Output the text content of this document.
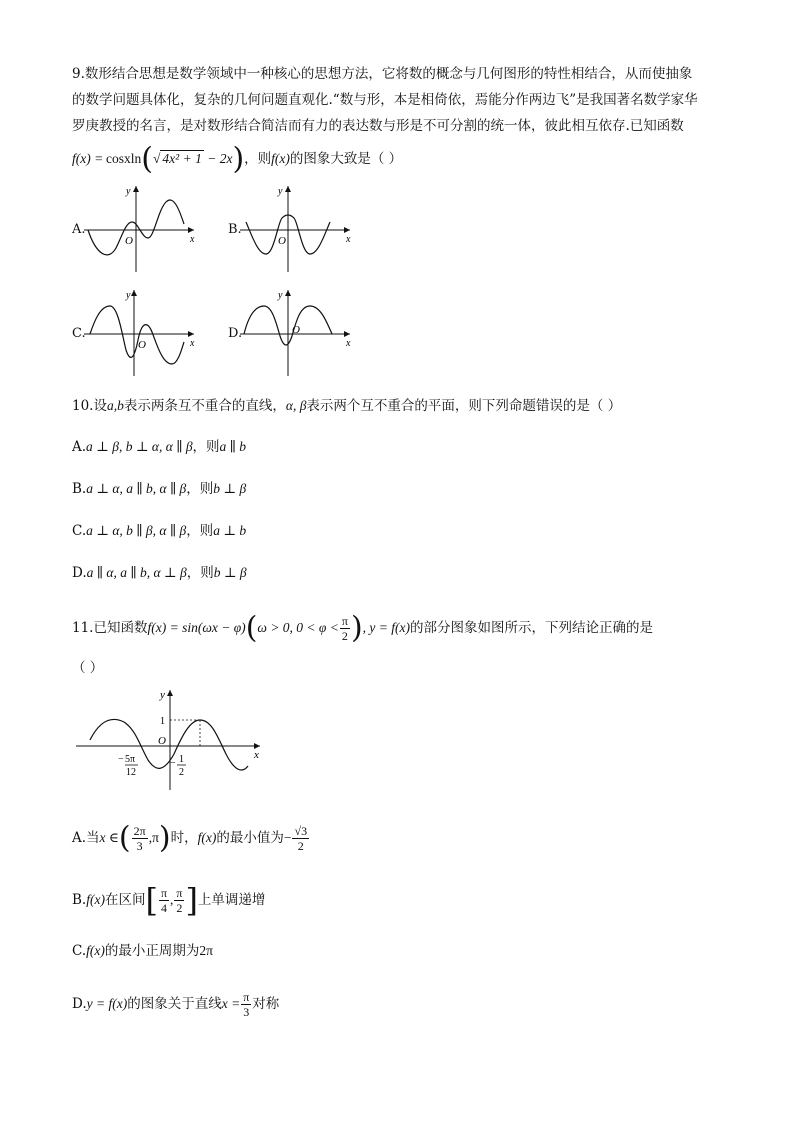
9.数形结合思想是数学领域中一种核心的思想方法，它将数的概念与几何图形的特性相结合，从而使抽象
的数学问题具体化，复杂的几何问题直观化.“数与形，本是相倚依，焉能分作两边飞”是我国著名数学家华
罗庚教授的名言，是对数形结合简洁而有力的表达数与形是不可分割的统一体，彼此相互依存.已知函数
f(x) = cosxln(√ 4x² + 1 − 2x)，则f(x)的图象大致是（ ）
A.
x
y
O
B.
x
y
O
C.
x
y
O
D.
x
y
O
10.设a,b表示两条互不重合的直线，α, β表示两个互不重合的平面，则下列命题错误的是（ ）
A.a ⊥ β, b ⊥ α, α ∥ β，则a ∥ b
B.a ⊥ α, a ∥ b, α ∥ β，则b ⊥ β
C.a ⊥ α, b ∥ β, α ∥ β，则a ⊥ b
D.a ∥ α, a ∥ b, α ⊥ β，则b ⊥ β
11.已知函数f(x) = sin(ωx − φ)(ω > 0, $0 < \varphi < \frac{\pi}{2}$ ), y = f(x)的部分图象如图所示，下列结论正确的是
（ ）
x
y
O
1
− 5π
12
− 1
2
A.当x ∈( $\frac{2\pi}{3} ,\pi$)时，f(x)的最小值为− $\frac{√3}{2}$
B.f(x)在区间[ $\frac{\pi}{4}$ , $\frac{\pi}{2}$ ]上单调递增
C.f(x)的最小正周期为2π
D.y = f(x)的图象关于直线$x = \frac{\pi}{3}$ 对称
